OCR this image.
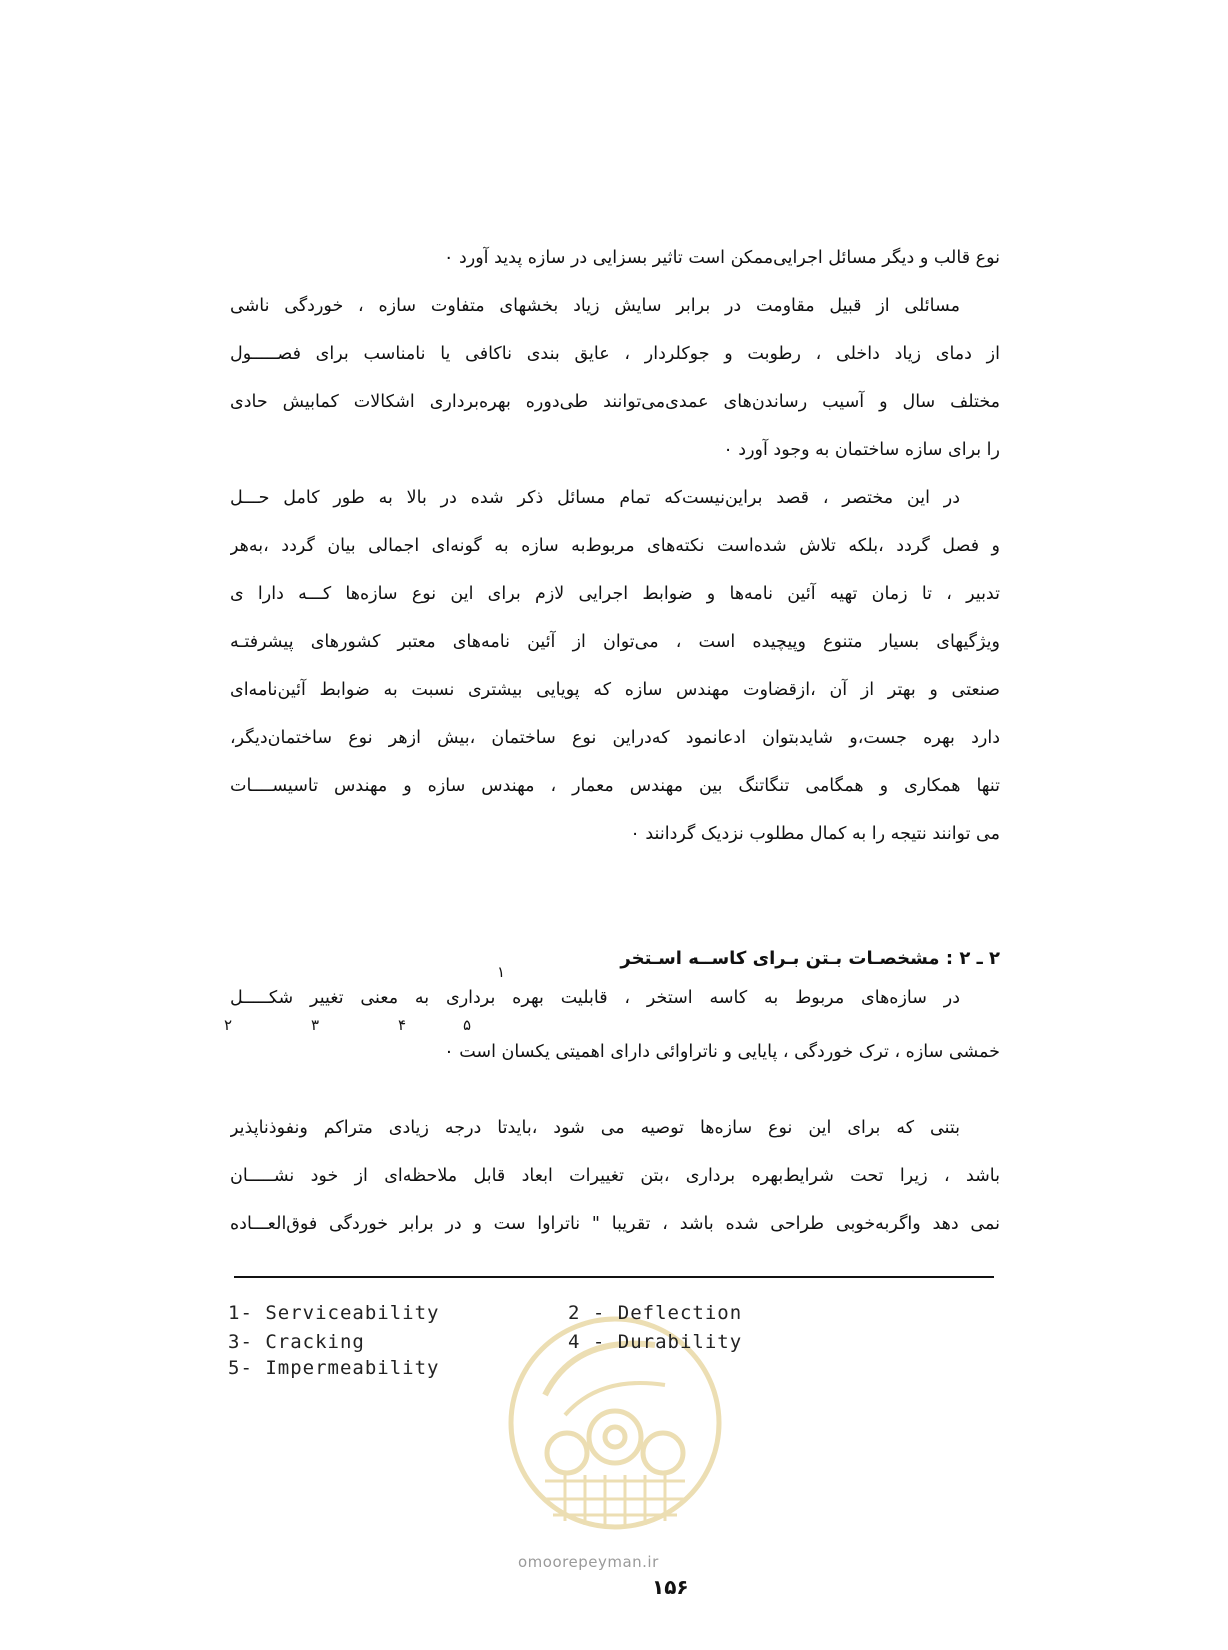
نوع قالب و دیگر مسائل اجرایی‌ممکن است تاثیر بسزایی در سازه پدید آورد ۰
مسائلی از قبیل مقاومت در برابر سایش زیاد بخشهای متفاوت سازه ، خوردگی ناشی
از دمای زیاد داخلی ، رطوبت و جوکلردار ، عایق بندی ناکافی یا نامناسب برای فصـــــول
مختلف سال و آسیب رساندن‌های عمدی‌می‌توانند طی‌دوره بهره‌برداری اشکالات کمابیش حادی
را برای سازه ساختمان به وجود آورد ۰
در این مختصر ، قصد براین‌نیست‌که تمام مسائل ذکر شده در بالا به طور کامل حـــل
و فصل گردد ،بلکه تلاش شده‌است نکته‌های مربوط‌به سازه به گونه‌ای اجمالی بیان گردد ،به‌هر
تدبیر ، تا زمان تهیه آئین نامه‌ها و ضوابط اجرایی لازم برای این نوع سازه‌ها کـــه دارا ی
ویژگیهای بسیار متنوع وپیچیده است ، می‌توان از آئین نامه‌های معتبر کشورهای پیشرفتـه
صنعتی و بهتر از آن ،ازقضاوت مهندس سازه که پویایی بیشتری نسبت به ضوابط آئین‌نامه‌ای
دارد بهره جست،و شایدبتوان ادعانمود که‌دراین نوع ساختمان ،بیش ازهر نوع ساختمان‌دیگر،
تنها همکاری و همگامی تنگاتنگ بین مهندس معمار ، مهندس سازه و مهندس تاسیســــات
می توانند نتیجه را به کمال مطلوب نزدیک گردانند ۰
۲ ـ ۲ : مشخصـات بـتن بـرای کاســه اسـتخر
۱
در سازه‌های مربوط به کاسه استخر ، قابلیت بهره برداری به معنی تغییر شکـــــل
۲	۳	۴	۵
خمشی سازه ، ترک خوردگی ، پایایی و ناتراوائی دارای اهمیتی یکسان است ۰
بتنی که برای این نوع سازه‌ها توصیه می شود ،بایدتا درجه زیادی متراکم ونفوذناپذیر
باشد ، زیرا تحت شرایط‌بهره برداری ،بتن تغییرات ابعاد قابل ملاحظه‌ای از خود نشـــــان
نمی دهد واگربه‌خوبی طراحی شده باشد ، تقریبا " ناتراوا ست و در برابر خوردگی فوق‌العـــاده
1- Serviceability	2 - Deflection
3- Cracking	4 - Durability
5- Impermeability
omoorepeyman.ir
۱۵۶
